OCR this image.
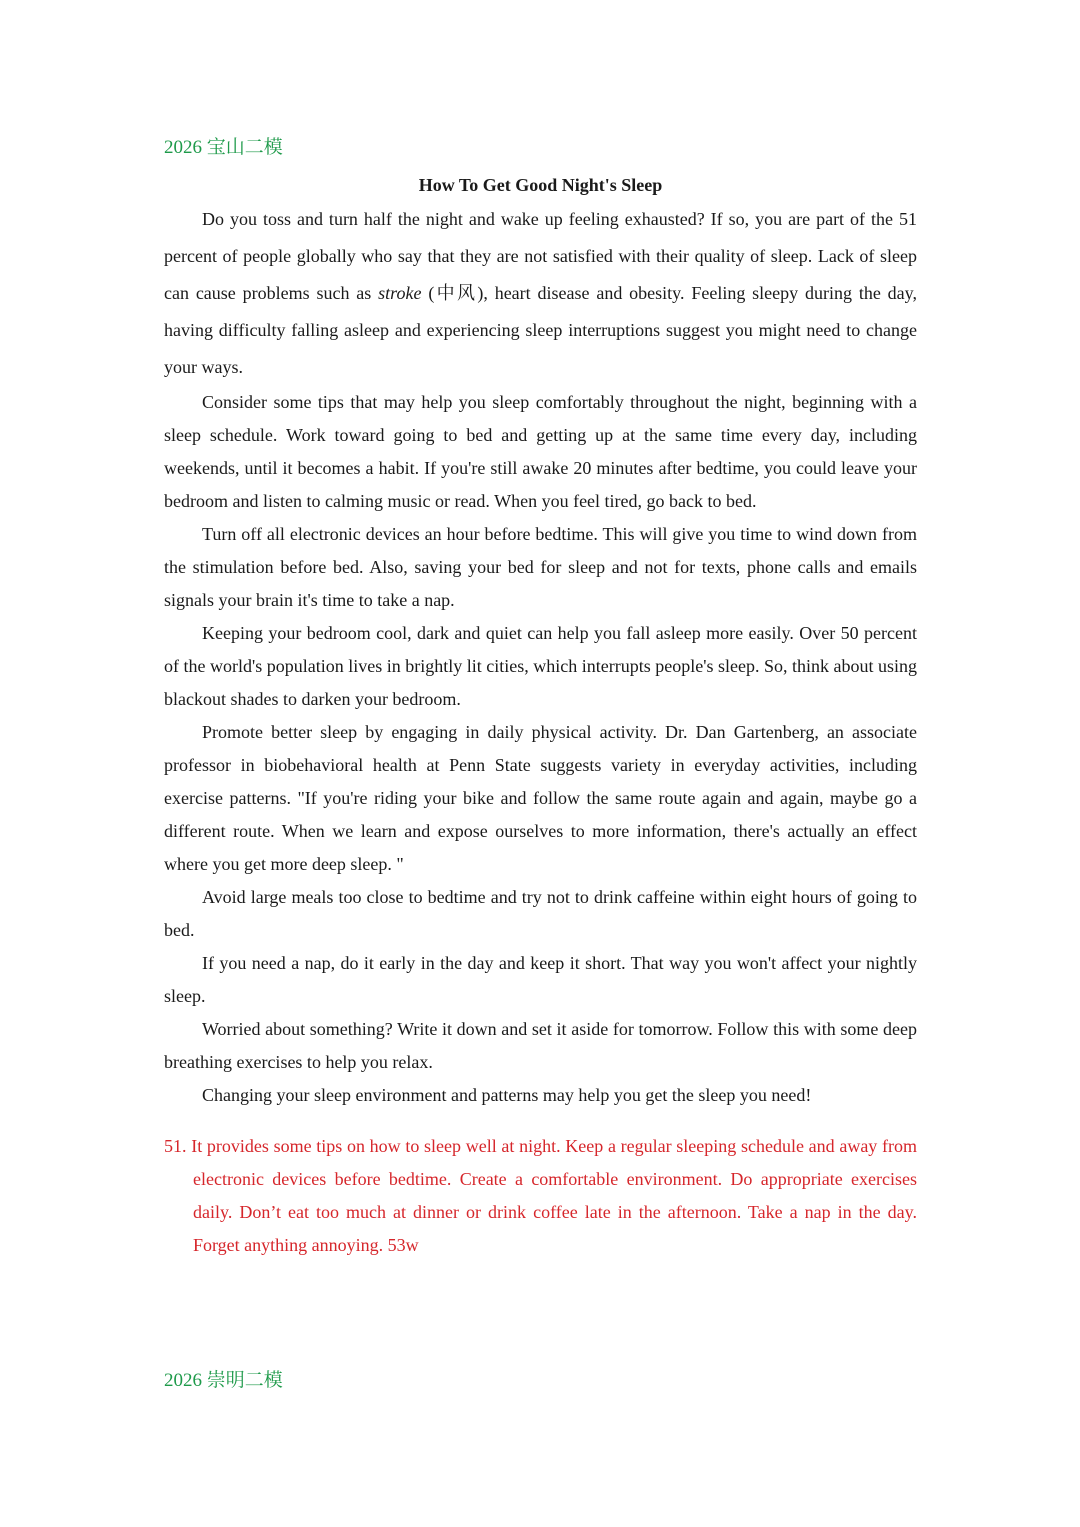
2026 宝山二模
How To Get Good Night's Sleep

Do you toss and turn half the night and wake up feeling exhausted? If so, you are part of the 51 percent of people globally who say that they are not satisfied with their quality of sleep. Lack of sleep can cause problems such as stroke (中风), heart disease and obesity. Feeling sleepy during the day, having difficulty falling asleep and experiencing sleep interruptions suggest you might need to change your ways.

Consider some tips that may help you sleep comfortably throughout the night, beginning with a sleep schedule. Work toward going to bed and getting up at the same time every day, including weekends, until it becomes a habit. If you're still awake 20 minutes after bedtime, you could leave your bedroom and listen to calming music or read. When you feel tired, go back to bed.

Turn off all electronic devices an hour before bedtime. This will give you time to wind down from the stimulation before bed. Also, saving your bed for sleep and not for texts, phone calls and emails signals your brain it's time to take a nap.

Keeping your bedroom cool, dark and quiet can help you fall asleep more easily. Over 50 percent of the world's population lives in brightly lit cities, which interrupts people's sleep. So, think about using blackout shades to darken your bedroom.

Promote better sleep by engaging in daily physical activity. Dr. Dan Gartenberg, an associate professor in biobehavioral health at Penn State suggests variety in everyday activities, including exercise patterns. "If you're riding your bike and follow the same route again and again, maybe go a different route. When we learn and expose ourselves to more information, there's actually an effect where you get more deep sleep. "

Avoid large meals too close to bedtime and try not to drink caffeine within eight hours of going to bed.

If you need a nap, do it early in the day and keep it short. That way you won't affect your nightly sleep.

Worried about something? Write it down and set it aside for tomorrow. Follow this with some deep breathing exercises to help you relax.

Changing your sleep environment and patterns may help you get the sleep you need!

51. It provides some tips on how to sleep well at night. Keep a regular sleeping schedule and away from electronic devices before bedtime. Create a comfortable environment. Do appropriate exercises daily. Don’t eat too much at dinner or drink coffee late in the afternoon. Take a nap in the day. Forget anything annoying. 53w
2026 崇明二模
